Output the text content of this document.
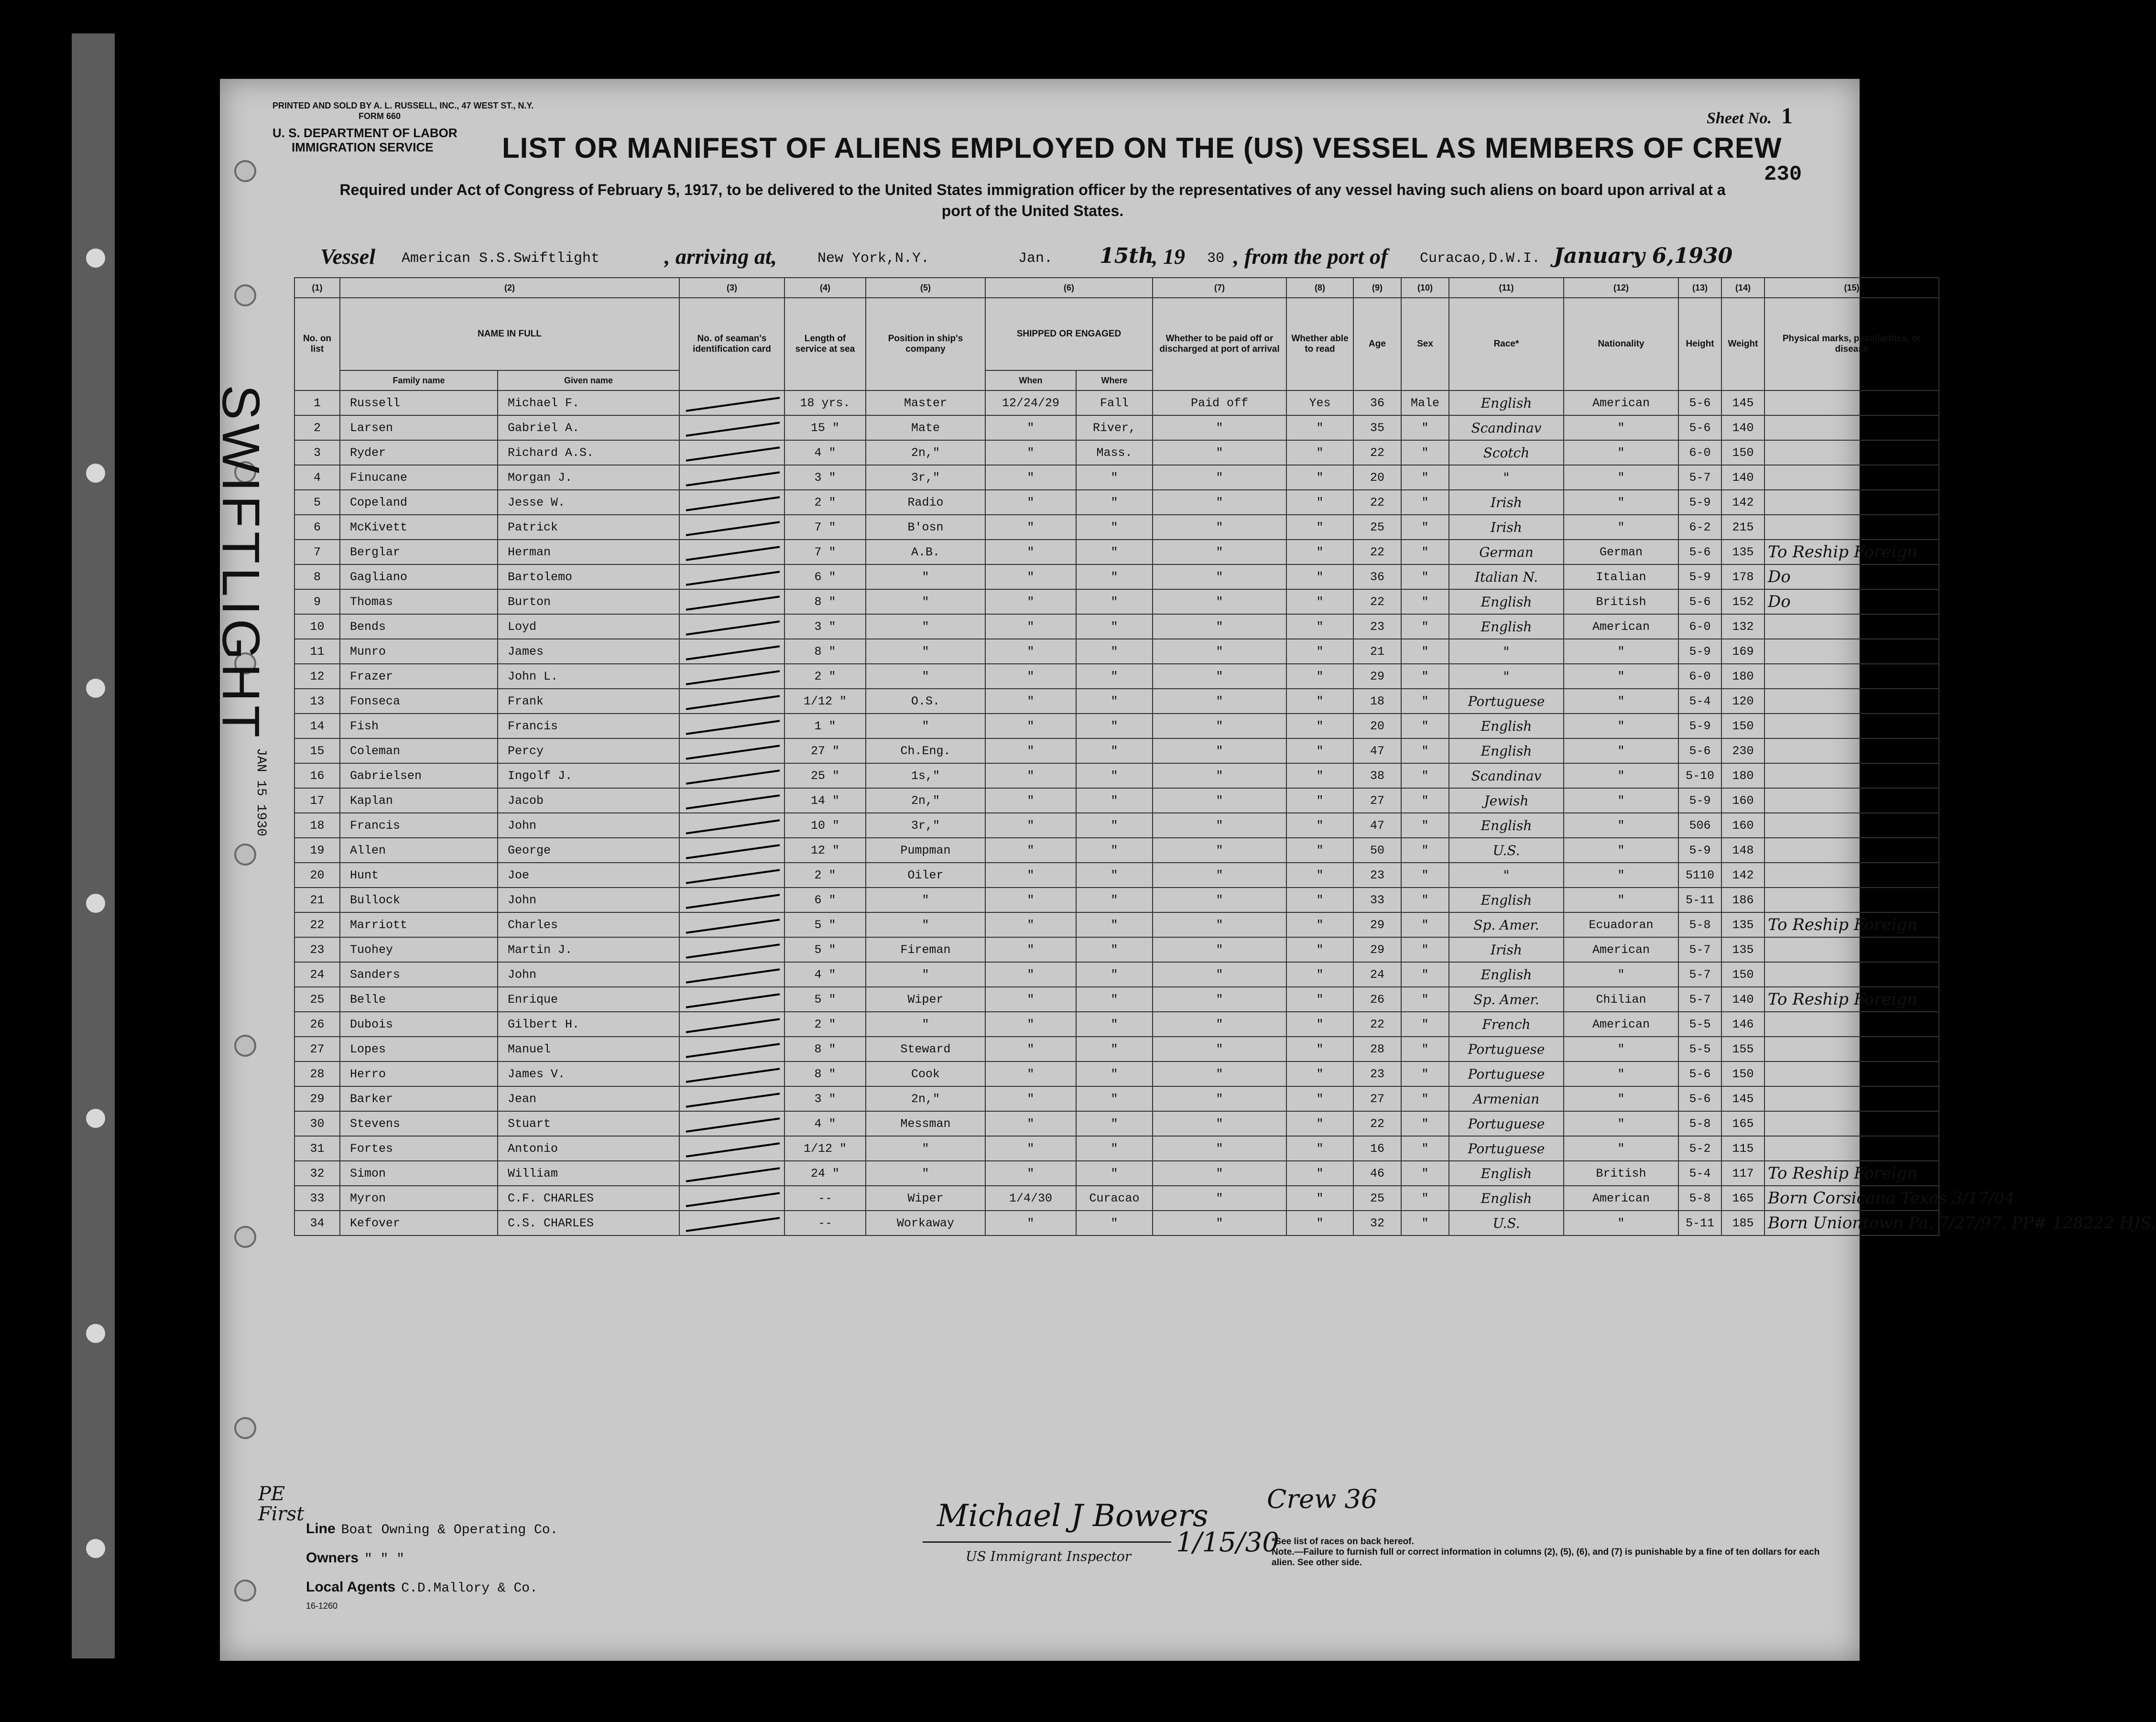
SWIFTLIGHT
JAN 15 1930
PRINTED AND SOLD BY A. L. RUSSELL, INC., 47 WEST ST., N.Y.
FORM 660
U. S. DEPARTMENT OF LABOR
IMMIGRATION SERVICE
Sheet No. 1
LIST OR MANIFEST OF ALIENS EMPLOYED ON THE (US) VESSEL AS MEMBERS OF CREW
Required under Act of Congress of February 5, 1917, to be delivered to the United States immigration officer by the representatives of any vessel having such aliens on board upon arrival at a port of the United States.
230
Vessel American S.S.Swiftlight	, arriving at,	New York,N.Y.	Jan. 15th
, 19 30 , from the port of Curacao,D.W.I. January 6,1930
(1)	(2)		(3)	(4)	(5)	(6)		(7)	(8)	(9)	(10)	(11)	(12)	(13)	(14)	(15)
No. on list	NAME IN FULL		No. of seaman's identification card	Length of service at sea	Position in ship's company	SHIPPED OR ENGAGED		Whether to be paid off or discharged at port of arrival	Whether able to read	Age	Sex	Race*	Nationality	Height	Weight	Physical marks, peculiarities, or disease
	Family name	Given name				When	Where									
1	Russell	Michael F.		18 yrs.	Master	12/24/29	Fall	Paid off	Yes	36	Male	English	American	5-6	145	
2	Larsen	Gabriel A.		15 "	Mate	"	River,	"	"	35	"	Scandinav	"	5-6	140	
3	Ryder	Richard A.S.		4 "	2n,"	"	Mass.	"	"	22	"	Scotch	"	6-0	150	
4	Finucane	Morgan J.		3 "	3r,"	"	"	"	"	20	"	"	"	5-7	140	
5	Copeland	Jesse W.		2 "	Radio	"	"	"	"	22	"	Irish	"	5-9	142	
6	McKivett	Patrick		7 "	B'osn	"	"	"	"	25	"	Irish	"	6-2	215	
7	Berglar	Herman		7 "	A.B.	"	"	"	"	22	"	German	German	5-6	135	To Reship Foreign
8	Gagliano	Bartolemo		6 "	"	"	"	"	"	36	"	Italian N.	Italian	5-9	178	Do
9	Thomas	Burton		8 "	"	"	"	"	"	22	"	English	British	5-6	152	Do
10	Bends	Loyd		3 "	"	"	"	"	"	23	"	English	American	6-0	132	
11	Munro	James		8 "	"	"	"	"	"	21	"	"	"	5-9	169	
12	Frazer	John L.		2 "	"	"	"	"	"	29	"	"	"	6-0	180	
13	Fonseca	Frank		1/12 "	O.S.	"	"	"	"	18	"	Portuguese	"	5-4	120	
14	Fish	Francis		1 "	"	"	"	"	"	20	"	English	"	5-9	150	
15	Coleman	Percy		27 "	Ch.Eng.	"	"	"	"	47	"	English	"	5-6	230	
16	Gabrielsen	Ingolf J.		25 "	1s,"	"	"	"	"	38	"	Scandinav	"	5-10	180	
17	Kaplan	Jacob		14 "	2n,"	"	"	"	"	27	"	Jewish	"	5-9	160	
18	Francis	John		10 "	3r,"	"	"	"	"	47	"	English	"	506	160	
19	Allen	George		12 "	Pumpman	"	"	"	"	50	"	U.S.	"	5-9	148	
20	Hunt	Joe		2 "	Oiler	"	"	"	"	23	"	"	"	5110	142	
21	Bullock	John		6 "	"	"	"	"	"	33	"	English	"	5-11	186	
22	Marriott	Charles		5 "	"	"	"	"	"	29	"	Sp. Amer.	Ecuadoran	5-8	135	To Reship Foreign
23	Tuohey	Martin J.		5 "	Fireman	"	"	"	"	29	"	Irish	American	5-7	135	
24	Sanders	John		4 "	"	"	"	"	"	24	"	English	"	5-7	150	
25	Belle	Enrique		5 "	Wiper	"	"	"	"	26	"	Sp. Amer.	Chilian	5-7	140	To Reship Foreign
26	Dubois	Gilbert H.		2 "	"	"	"	"	"	22	"	French	American	5-5	146	
27	Lopes	Manuel		8 "	Steward	"	"	"	"	28	"	Portuguese	"	5-5	155	
28	Herro	James V.		8 "	Cook	"	"	"	"	23	"	Portuguese	"	5-6	150	
29	Barker	Jean		3 "	2n,"	"	"	"	"	27	"	Armenian	"	5-6	145	
30	Stevens	Stuart		4 "	Messman	"	"	"	"	22	"	Portuguese	"	5-8	165	
31	Fortes	Antonio		1/12 "	"	"	"	"	"	16	"	Portuguese	"	5-2	115	
32	Simon	William		24 "	"	"	"	"	"	46	"	English	British	5-4	117	To Reship Foreign
33	Myron	C.F. CHARLES		--	Wiper	1/4/30	Curacao	"	"	25	"	English	American	5-8	165	Born Corsicana Texas 3/17/04
34	Kefover	C.S. CHARLES		--	Workaway	"	"	"	"	32	"	U.S.	"	5-11	185	Born Uniontown Pa. 7/27/97. PP# 128222 HJS.
PE
First
Line Boat Owning & Operating Co.
Owners " " "
Local Agents C.D.Mallory & Co.
16-1260
Michael J Bowers
US Immigrant Inspector 1/15/30
Crew 36
*See list of races on back hereof.
Note.—Failure to furnish full or correct information in columns (2), (5), (6), and (7) is punishable by a fine of ten dollars for each alien. See other side.
